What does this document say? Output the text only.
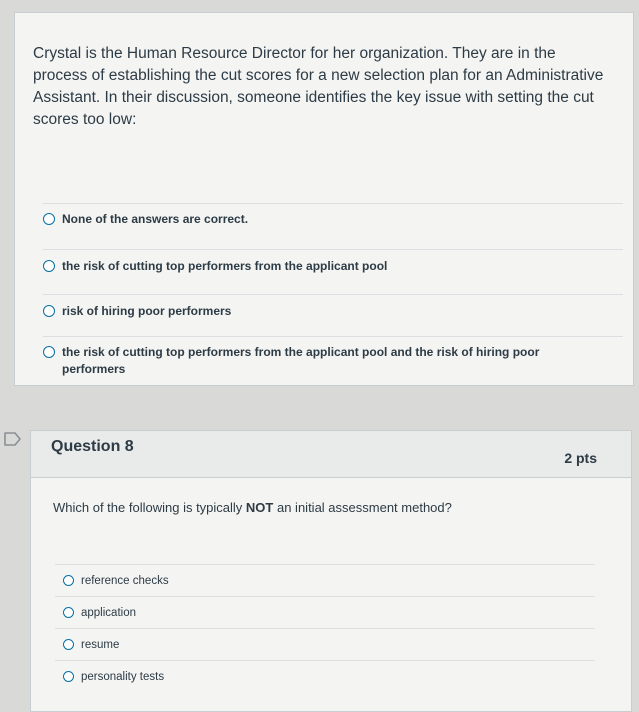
Crystal is the Human Resource Director for her organization. They are in the process of establishing the cut scores for a new selection plan for an Administrative Assistant. In their discussion, someone identifies the key issue with setting the cut scores too low:
None of the answers are correct.
the risk of cutting top performers from the applicant pool
risk of hiring poor performers
the risk of cutting top performers from the applicant pool and the risk of hiring poor performers
Question 8
2 pts
Which of the following is typically NOT an initial assessment method?
reference checks
application
resume
personality tests
